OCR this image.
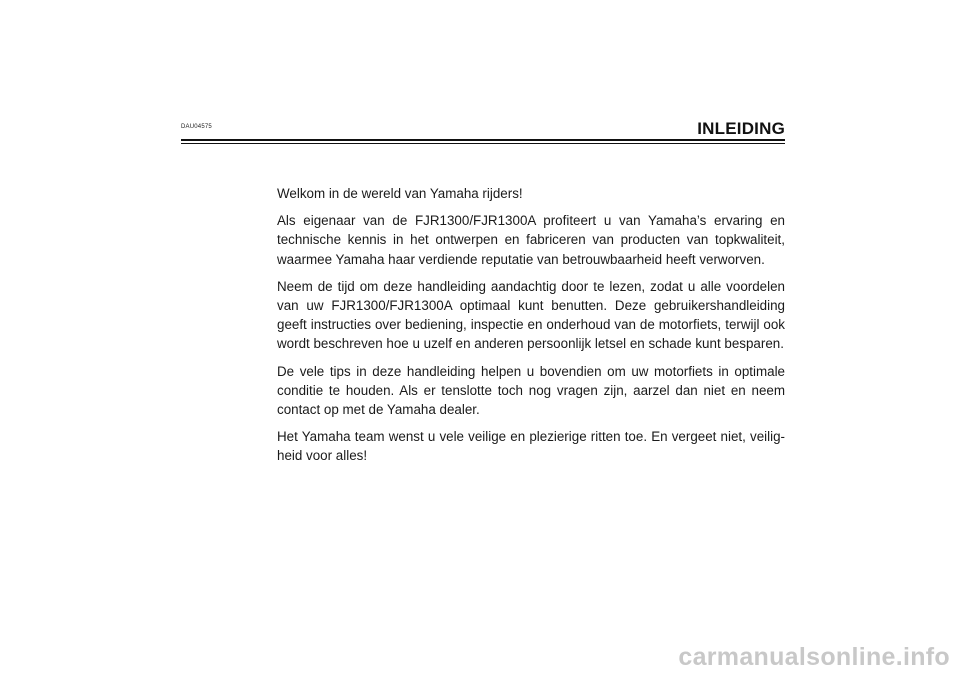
DAU04575	INLEIDING

Welkom in de wereld van Yamaha rijders!

Als eigenaar van de FJR1300/FJR1300A profiteert u van Yamaha’s ervaring en technische kennis in het ontwerpen en fabriceren van producten van topkwaliteit, waarmee Yamaha haar verdiende reputatie van betrouwbaarheid heeft verworven.

Neem de tijd om deze handleiding aandachtig door te lezen, zodat u alle voordelen van uw FJR1300/FJR1300A optimaal kunt benutten. Deze gebruikershandleiding geeft instructies over bediening, inspectie en onderhoud van de motorfiets, terwijl ook wordt beschreven hoe u uzelf en anderen persoonlijk letsel en schade kunt besparen.

De vele tips in deze handleiding helpen u bovendien om uw motorfiets in optimale conditie te houden. Als er tenslotte toch nog vragen zijn, aarzel dan niet en neem contact op met de Yamaha dealer.

Het Yamaha team wenst u vele veilige en plezierige ritten toe. En vergeet niet, veilig-heid voor alles!

carmanualsonline.info
